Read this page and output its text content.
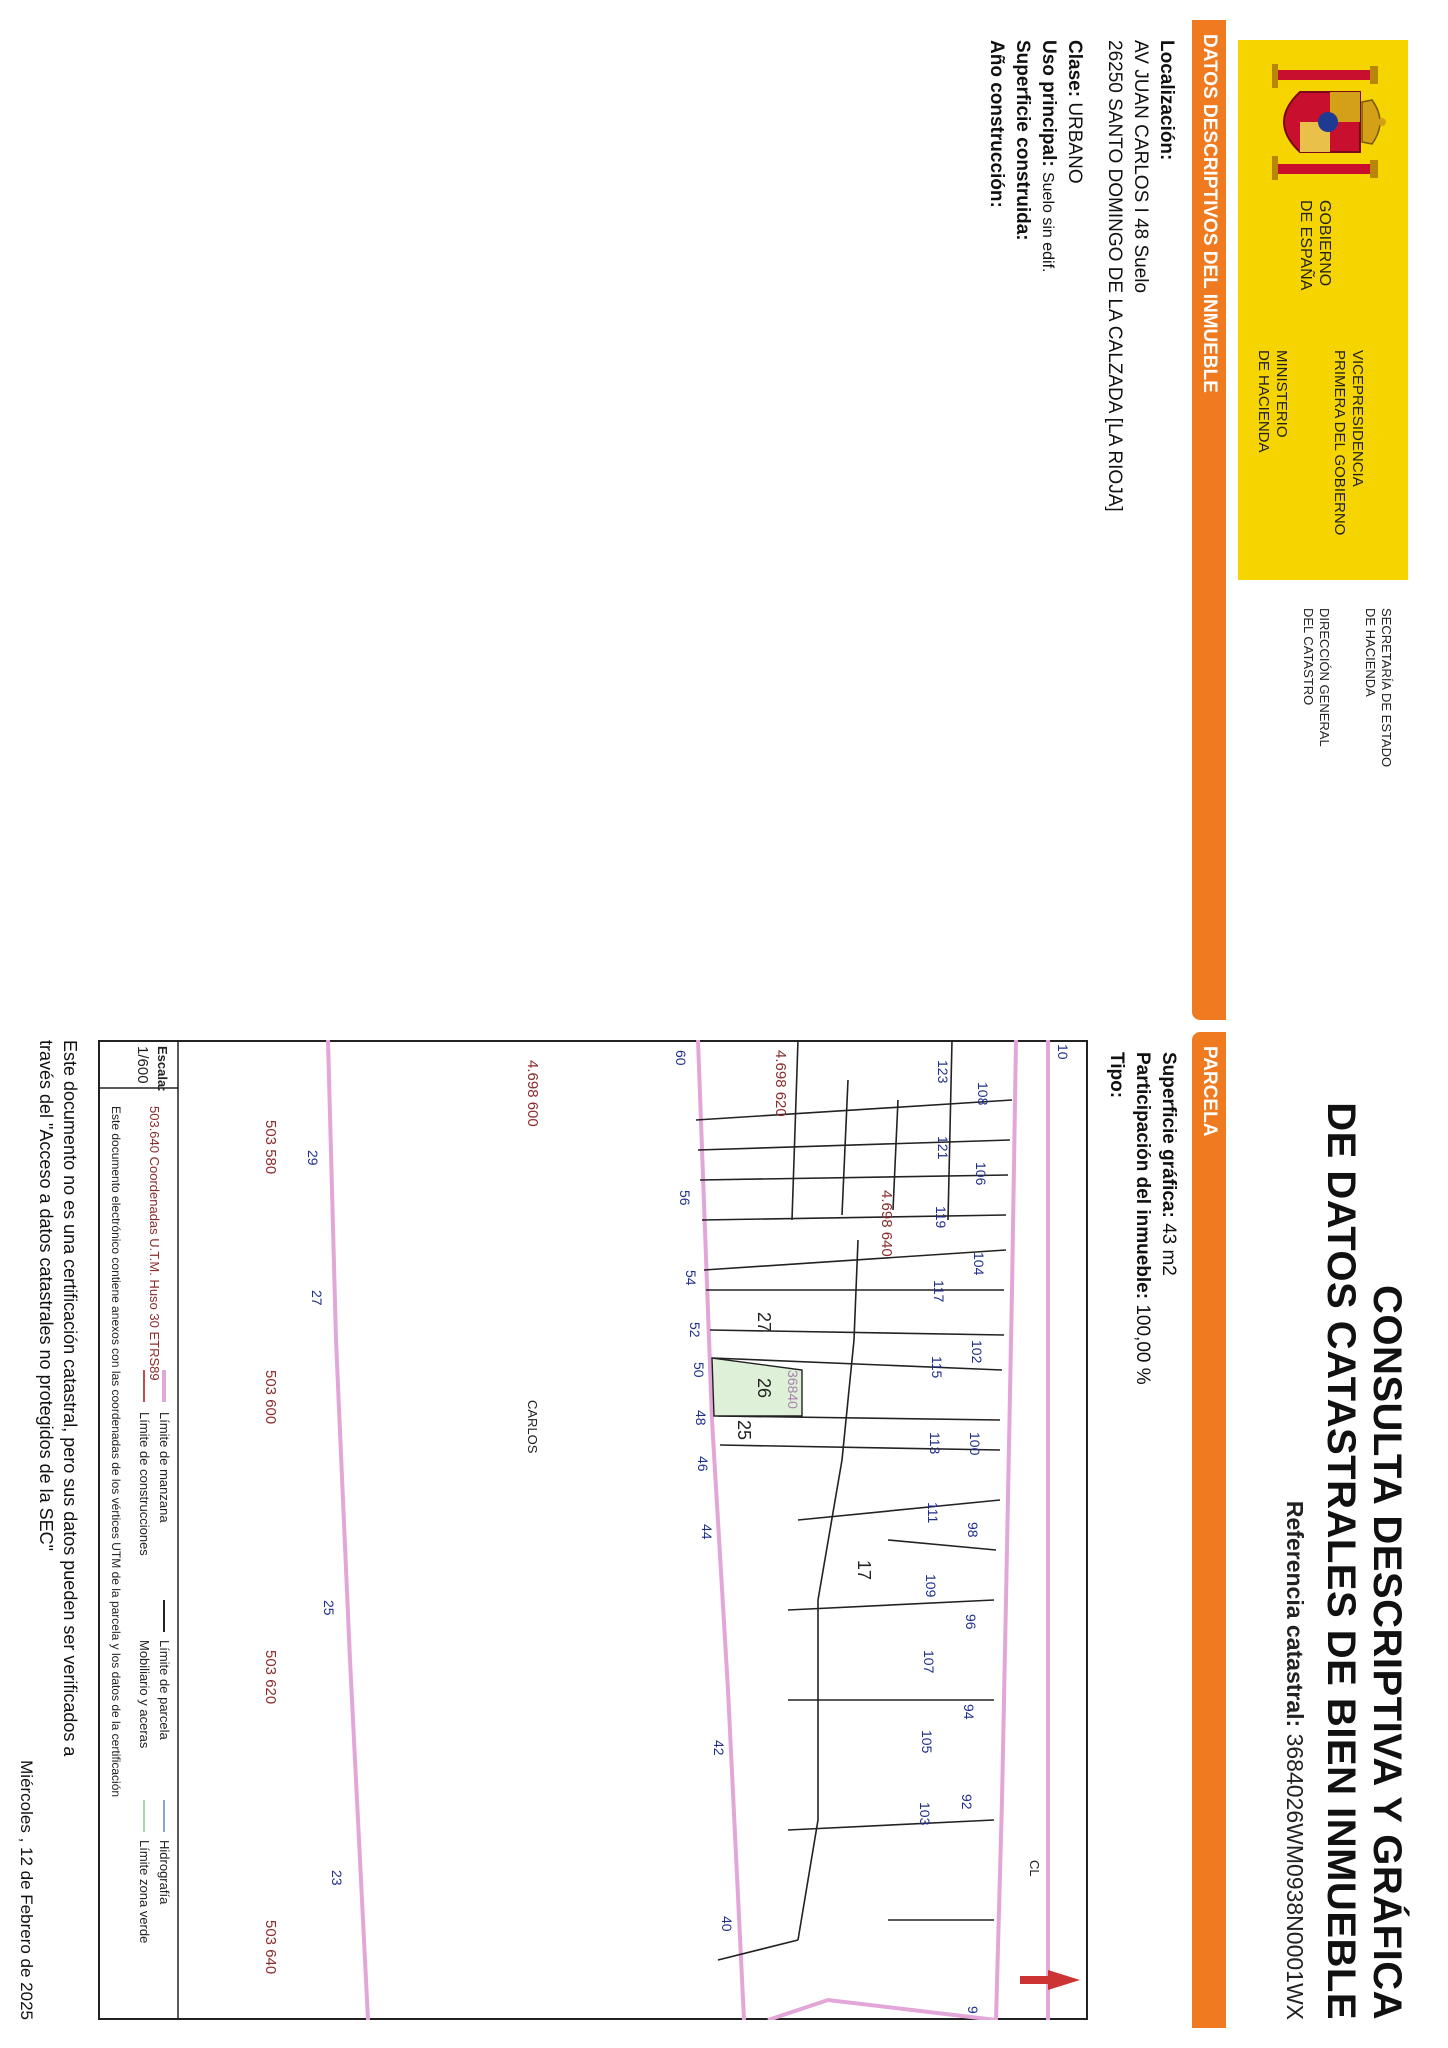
GOBIERNO
DE ESPAÑA
VICEPRESIDENCIA
PRIMERA DEL GOBIERNO
MINISTERIO
DE HACIENDA
SECRETARÍA DE ESTADO
DE HACIENDA
DIRECCIÓN GENERAL
DEL CATASTRO
CONSULTA DESCRIPTIVA Y GRÁFICA
DE DATOS CATASTRALES DE BIEN INMUEBLE
Referencia catastral: 3684026WM0938N0001WX
DATOS DESCRIPTIVOS DEL INMUEBLE
PARCELA
Localización:
AV JUAN CARLOS I 48 Suelo
26250 SANTO DOMINGO DE LA CALZADA [LA RIOJA]
Clase: URBANO
Uso principal: Suelo sin edif.
Superficie construida:
Año construcción:
Superficie gráfica: 43 m2
Participación del inmueble: 100,00 %
Tipo:
108
106
104
102
100
98
96
94
92
123
121
119
117
115
113
111
109
107
105
103
60
56
54
52
50
48
46
44
42
40
29
27
25
23
10
9
4.698 620
4.698 640
4.698 600
503 580
503 600
503 620
503 640
17
26 36840
25
27
CARLOS
CL
Escala:
1/600
503.640 Coordenadas U.T.M. Huso 30 ETRS89
Límite de manzana
Límite de construcciones
Límite de parcela
Mobiliario y aceras
Hidrografía
Límite zona verde
Este documento electrónico contiene anexos con las coordenadas de los vértices UTM de la parcela y los datos de la certificación
Este documento no es una certificación catastral, pero sus datos pueden ser verificados a
través del "Acceso a datos catastrales no protegidos de la SEC"
Miércoles , 12 de Febrero de 2025
